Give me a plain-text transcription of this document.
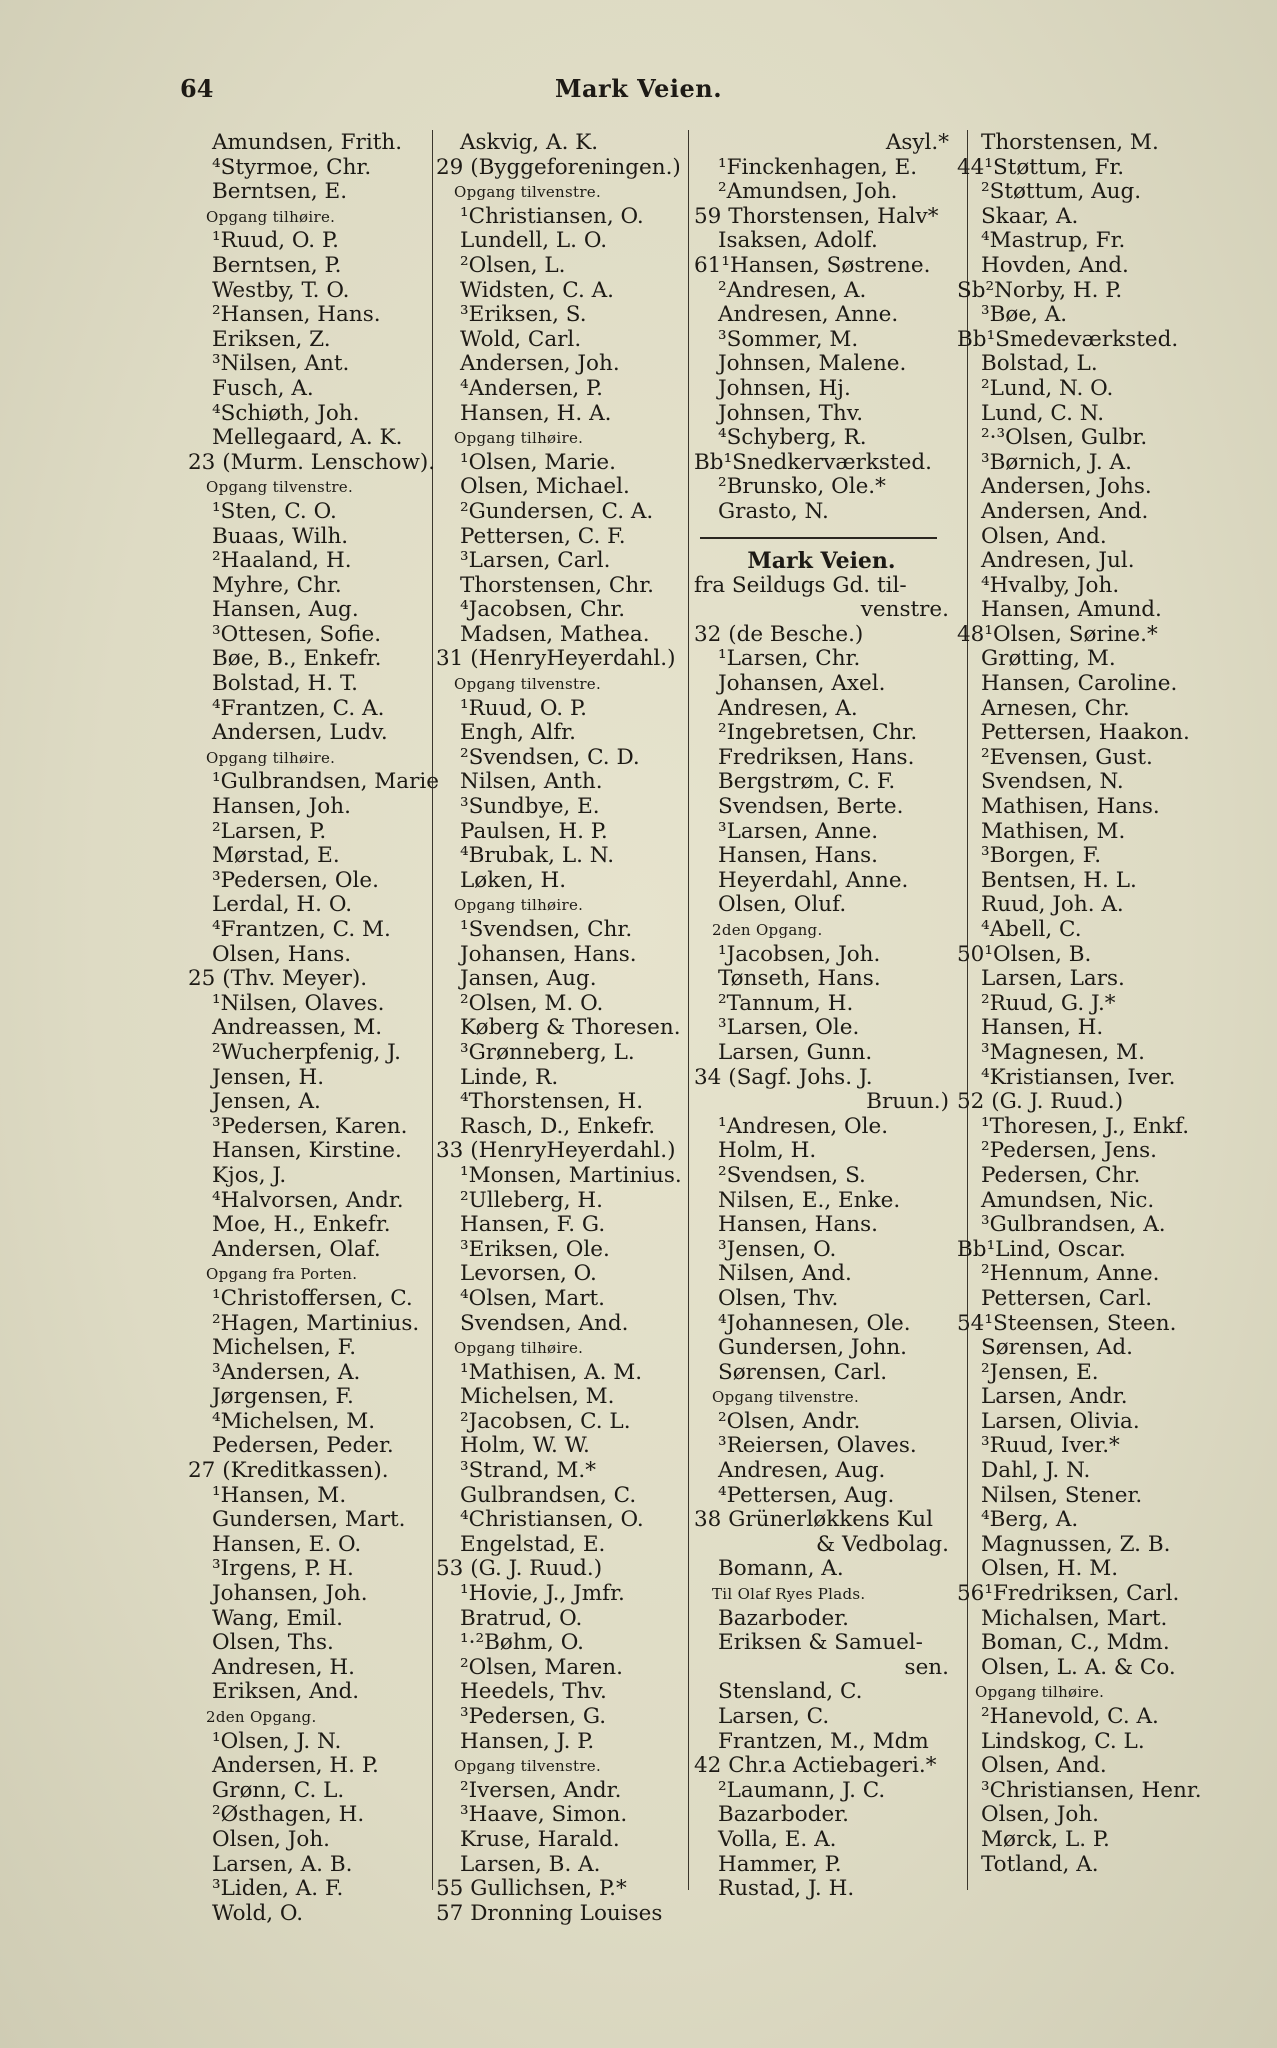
64	Mark Veien.
Amundsen, Frith.
⁴Styrmoe, Chr.
Berntsen, E.
Opgang tilhøire.
¹Ruud, O. P.
Berntsen, P.
Westby, T. O.
²Hansen, Hans.
Eriksen, Z.
³Nilsen, Ant.
Fusch, A.
⁴Schiøth, Joh.
Mellegaard, A. K.
23 (Murm. Lenschow).
Opgang tilvenstre.
¹Sten, C. O.
Buaas, Wilh.
²Haaland, H.
Myhre, Chr.
Hansen, Aug.
³Ottesen, Sofie.
Bøe, B., Enkefr.
Bolstad, H. T.
⁴Frantzen, C. A.
Andersen, Ludv.
Opgang tilhøire.
¹Gulbrandsen, Marie
Hansen, Joh.
²Larsen, P.
Mørstad, E.
³Pedersen, Ole.
Lerdal, H. O.
⁴Frantzen, C. M.
Olsen, Hans.
25 (Thv. Meyer).
¹Nilsen, Olaves.
Andreassen, M.
²Wucherpfenig, J.
Jensen, H.
Jensen, A.
³Pedersen, Karen.
Hansen, Kirstine.
Kjos, J.
⁴Halvorsen, Andr.
Moe, H., Enkefr.
Andersen, Olaf.
Opgang fra Porten.
¹Christoffersen, C.
²Hagen, Martinius.
Michelsen, F.
³Andersen, A.
Jørgensen, F.
⁴Michelsen, M.
Pedersen, Peder.
27 (Kreditkassen).
¹Hansen, M.
Gundersen, Mart.
Hansen, E. O.
³Irgens, P. H.
Johansen, Joh.
Wang, Emil.
Olsen, Ths.
Andresen, H.
Eriksen, And.
2den Opgang.
¹Olsen, J. N.
Andersen, H. P.
Grønn, C. L.
²Østhagen, H.
Olsen, Joh.
Larsen, A. B.
³Liden, A. F.
Wold, O.
Askvig, A. K.
29 (Byggeforeningen.)
Opgang tilvenstre.
¹Christiansen, O.
Lundell, L. O.
²Olsen, L.
Widsten, C. A.
³Eriksen, S.
Wold, Carl.
Andersen, Joh.
⁴Andersen, P.
Hansen, H. A.
Opgang tilhøire.
¹Olsen, Marie.
Olsen, Michael.
²Gundersen, C. A.
Pettersen, C. F.
³Larsen, Carl.
Thorstensen, Chr.
⁴Jacobsen, Chr.
Madsen, Mathea.
31 (HenryHeyerdahl.)
Opgang tilvenstre.
¹Ruud, O. P.
Engh, Alfr.
²Svendsen, C. D.
Nilsen, Anth.
³Sundbye, E.
Paulsen, H. P.
⁴Brubak, L. N.
Løken, H.
Opgang tilhøire.
¹Svendsen, Chr.
Johansen, Hans.
Jansen, Aug.
²Olsen, M. O.
Køberg & Thoresen.
³Grønneberg, L.
Linde, R.
⁴Thorstensen, H.
Rasch, D., Enkefr.
33 (HenryHeyerdahl.)
¹Monsen, Martinius.
²Ulleberg, H.
Hansen, F. G.
³Eriksen, Ole.
Levorsen, O.
⁴Olsen, Mart.
Svendsen, And.
Opgang tilhøire.
¹Mathisen, A. M.
Michelsen, M.
²Jacobsen, C. L.
Holm, W. W.
³Strand, M.*
Gulbrandsen, C.
⁴Christiansen, O.
Engelstad, E.
53 (G. J. Ruud.)
¹Hovie, J., Jmfr.
Bratrud, O.
¹·²Bøhm, O.
²Olsen, Maren.
Heedels, Thv.
³Pedersen, G.
Hansen, J. P.
Opgang tilvenstre.
²Iversen, Andr.
³Haave, Simon.
Kruse, Harald.
Larsen, B. A.
55 Gullichsen, P.*
57 Dronning Louises
Asyl.*
¹Finckenhagen, E.
²Amundsen, Joh.
59 Thorstensen, Halv*
Isaksen, Adolf.
61¹Hansen, Søstrene.
²Andresen, A.
Andresen, Anne.
³Sommer, M.
Johnsen, Malene.
Johnsen, Hj.
Johnsen, Thv.
⁴Schyberg, R.
Bb¹Snedkerværksted.
²Brunsko, Ole.*
Grasto, N.
Mark Veien.
fra Seildugs Gd. til-
venstre.
32 (de Besche.)
¹Larsen, Chr.
Johansen, Axel.
Andresen, A.
²Ingebretsen, Chr.
Fredriksen, Hans.
Bergstrøm, C. F.
Svendsen, Berte.
³Larsen, Anne.
Hansen, Hans.
Heyerdahl, Anne.
Olsen, Oluf.
2den Opgang.
¹Jacobsen, Joh.
Tønseth, Hans.
²Tannum, H.
³Larsen, Ole.
Larsen, Gunn.
34 (Sagf. Johs. J.
Bruun.)
¹Andresen, Ole.
Holm, H.
²Svendsen, S.
Nilsen, E., Enke.
Hansen, Hans.
³Jensen, O.
Nilsen, And.
Olsen, Thv.
⁴Johannesen, Ole.
Gundersen, John.
Sørensen, Carl.
Opgang tilvenstre.
²Olsen, Andr.
³Reiersen, Olaves.
Andresen, Aug.
⁴Pettersen, Aug.
38 Grünerløkkens Kul
& Vedbolag.
Bomann, A.
Til Olaf Ryes Plads.
Bazarboder.
Eriksen & Samuel-
sen.
Stensland, C.
Larsen, C.
Frantzen, M., Mdm
42 Chr.a Actiebageri.*
²Laumann, J. C.
Bazarboder.
Volla, E. A.
Hammer, P.
Rustad, J. H.
Thorstensen, M.
44¹Støttum, Fr.
²Støttum, Aug.
Skaar, A.
⁴Mastrup, Fr.
Hovden, And.
Sb²Norby, H. P.
³Bøe, A.
Bb¹Smedeværksted.
Bolstad, L.
²Lund, N. O.
Lund, C. N.
²·³Olsen, Gulbr.
³Børnich, J. A.
Andersen, Johs.
Andersen, And.
Olsen, And.
Andresen, Jul.
⁴Hvalby, Joh.
Hansen, Amund.
48¹Olsen, Sørine.*
Grøtting, M.
Hansen, Caroline.
Arnesen, Chr.
Pettersen, Haakon.
²Evensen, Gust.
Svendsen, N.
Mathisen, Hans.
Mathisen, M.
³Borgen, F.
Bentsen, H. L.
Ruud, Joh. A.
⁴Abell, C.
50¹Olsen, B.
Larsen, Lars.
²Ruud, G. J.*
Hansen, H.
³Magnesen, M.
⁴Kristiansen, Iver.
52 (G. J. Ruud.)
¹Thoresen, J., Enkf.
²Pedersen, Jens.
Pedersen, Chr.
Amundsen, Nic.
³Gulbrandsen, A.
Bb¹Lind, Oscar.
²Hennum, Anne.
Pettersen, Carl.
54¹Steensen, Steen.
Sørensen, Ad.
²Jensen, E.
Larsen, Andr.
Larsen, Olivia.
³Ruud, Iver.*
Dahl, J. N.
Nilsen, Stener.
⁴Berg, A.
Magnussen, Z. B.
Olsen, H. M.
56¹Fredriksen, Carl.
Michalsen, Mart.
Boman, C., Mdm.
Olsen, L. A. & Co.
Opgang tilhøire.
²Hanevold, C. A.
Lindskog, C. L.
Olsen, And.
³Christiansen, Henr.
Olsen, Joh.
Mørck, L. P.
Totland, A.
